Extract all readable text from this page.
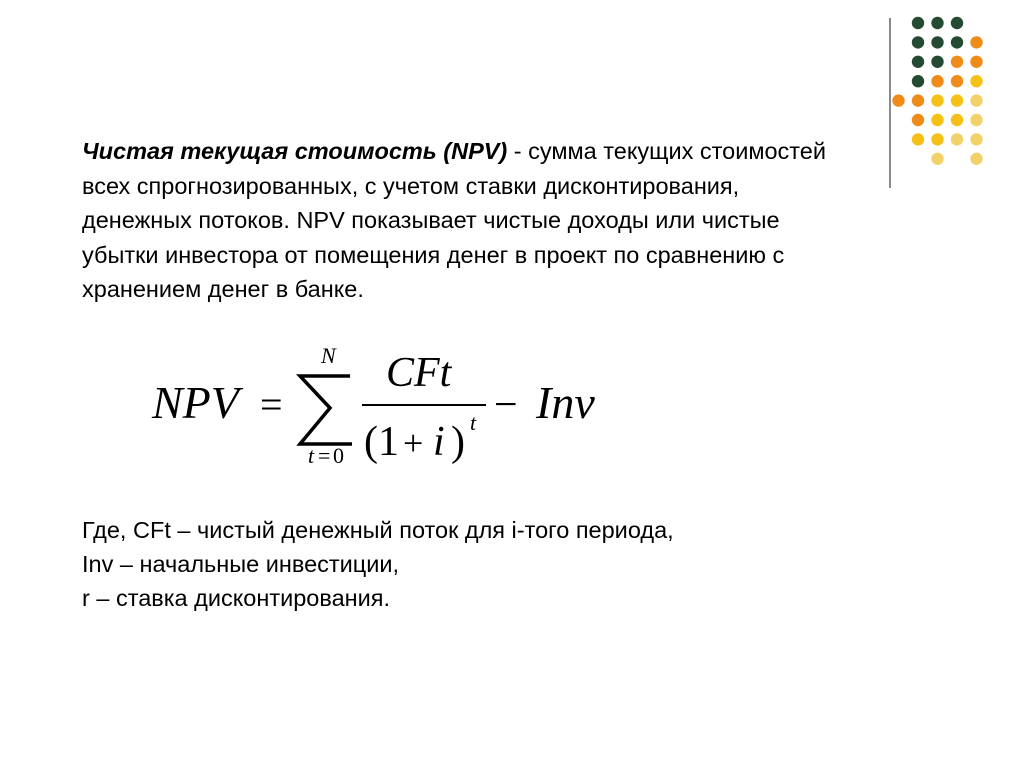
Чистая текущая стоимость (NPV) - сумма текущих стоимостей всех спрогнозированных, с учетом ставки дисконтирования, денежных потоков. NPV показывает чистые доходы или чистые убытки инвестора от помещения денег в проект по сравнению с хранением денег в банке.
NPV =
N
t = 0
CFt
(1 + i ) t − Inv
Где, CFt – чистый денежный поток для i-того периода,
Inv – начальные инвестиции,
r – ставка дисконтирования.
